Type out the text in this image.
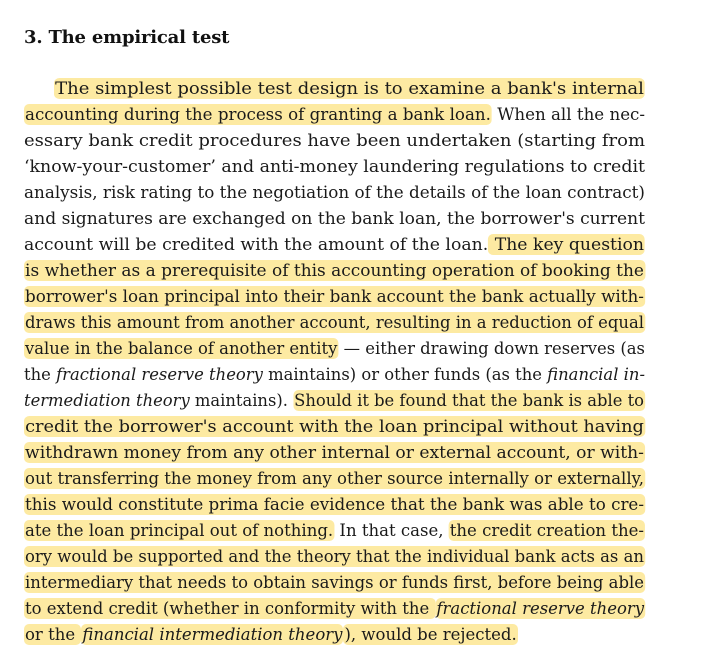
3. The empirical test
The simplest possible test design is to examine a bank's internal
accounting during the process of granting a bank loan. When all the nec-
essary bank credit procedures have been undertaken (starting from
‘know-your-customer’ and anti-money laundering regulations to credit
analysis, risk rating to the negotiation of the details of the loan contract)
and signatures are exchanged on the bank loan, the borrower's current
account will be credited with the amount of the loan. The key question
is whether as a prerequisite of this accounting operation of booking the
borrower's loan principal into their bank account the bank actually with-
draws this amount from another account, resulting in a reduction of equal
value in the balance of another entity — either drawing down reserves (as
the fractional reserve theory maintains) or other funds (as the financial in-
termediation theory maintains). Should it be found that the bank is able to
credit the borrower's account with the loan principal without having
withdrawn money from any other internal or external account, or with-
out transferring the money from any other source internally or externally,
this would constitute prima facie evidence that the bank was able to cre-
ate the loan principal out of nothing. In that case, the credit creation the-
ory would be supported and the theory that the individual bank acts as an
intermediary that needs to obtain savings or funds first, before being able
to extend credit (whether in conformity with the fractional reserve theory
or the financial intermediation theory ), would be rejected.
